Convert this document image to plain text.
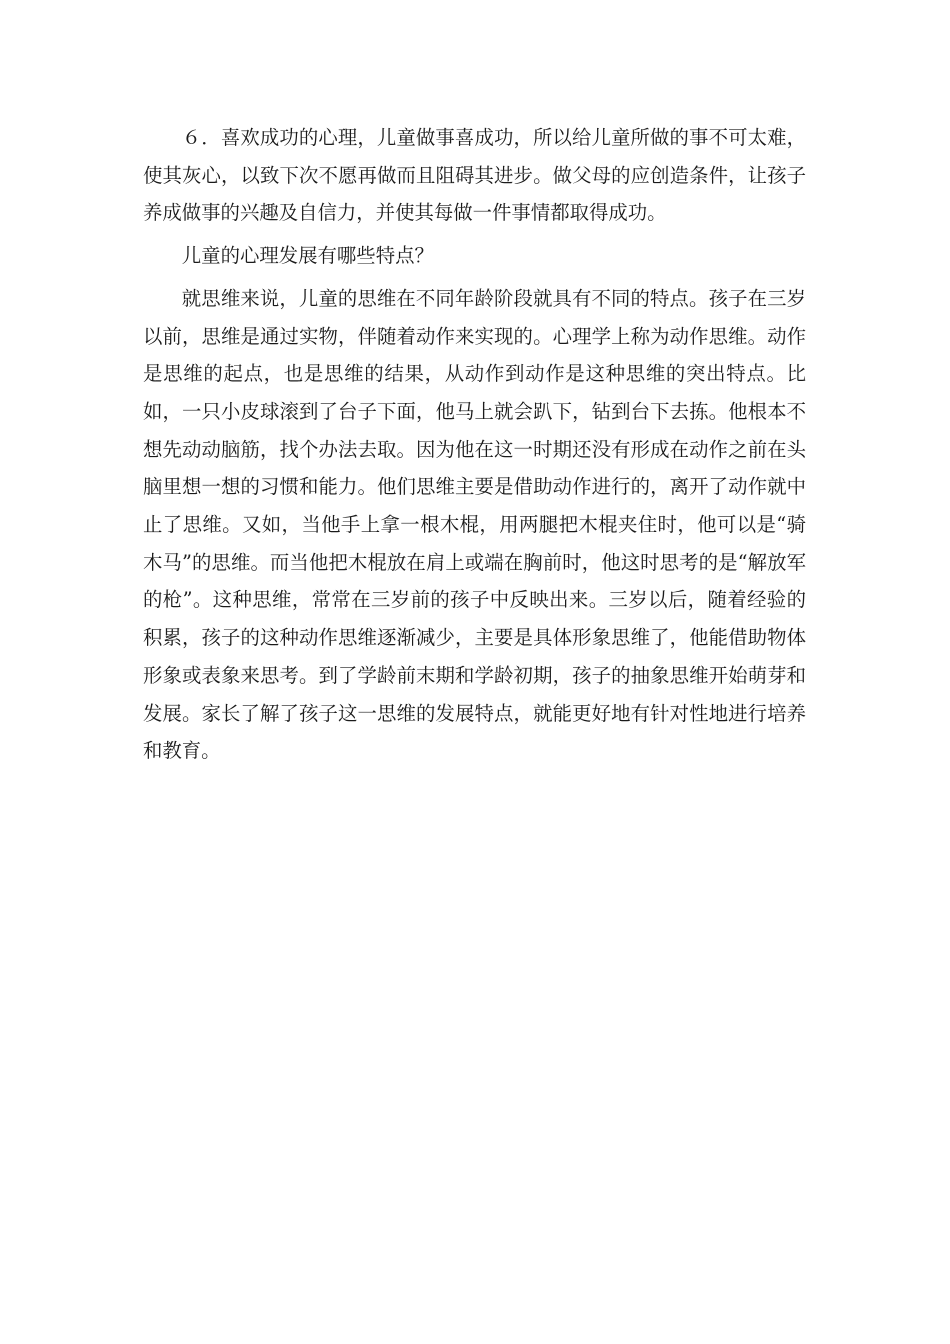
６．喜欢成功的心理，儿童做事喜成功，所以给儿童所做的事不可太难，使其灰心，以致下次不愿再做而且阻碍其进步。做父母的应创造条件，让孩子养成做事的兴趣及自信力，并使其每做一件事情都取得成功。

儿童的心理发展有哪些特点？

就思维来说，儿童的思维在不同年龄阶段就具有不同的特点。孩子在三岁以前，思维是通过实物，伴随着动作来实现的。心理学上称为动作思维。动作是思维的起点，也是思维的结果，从动作到动作是这种思维的突出特点。比如，一只小皮球滚到了台子下面，他马上就会趴下，钻到台下去拣。他根本不想先动动脑筋，找个办法去取。因为他在这一时期还没有形成在动作之前在头脑里想一想的习惯和能力。他们思维主要是借助动作进行的，离开了动作就中止了思维。又如，当他手上拿一根木棍，用两腿把木棍夹住时，他可以是“骑木马”的思维。而当他把木棍放在肩上或端在胸前时，他这时思考的是“解放军的枪”。这种思维，常常在三岁前的孩子中反映出来。三岁以后，随着经验的积累，孩子的这种动作思维逐渐减少，主要是具体形象思维了，他能借助物体形象或表象来思考。到了学龄前末期和学龄初期，孩子的抽象思维开始萌芽和发展。家长了解了孩子这一思维的发展特点，就能更好地有针对性地进行培养和教育。
